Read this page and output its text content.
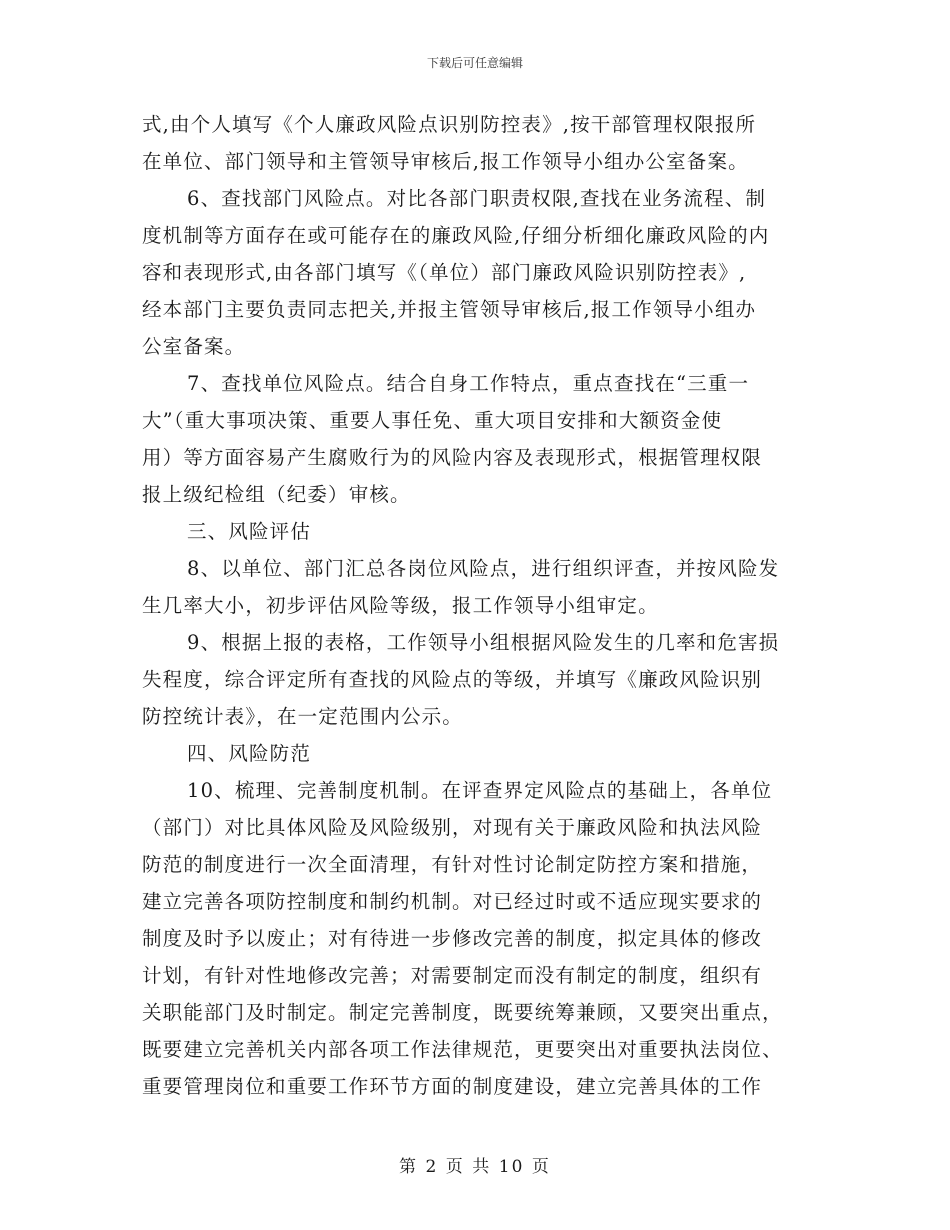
下载后可任意编辑
式,由个人填写《个人廉政风险点识别防控表》,按干部管理权限报所
在单位、部门领导和主管领导审核后,报工作领导小组办公室备案。
6、查找部门风险点。对比各部门职责权限,查找在业务流程、制
度机制等方面存在或可能存在的廉政风险,仔细分析细化廉政风险的内
容和表现形式,由各部门填写《（单位）部门廉政风险识别防控表》,
经本部门主要负责同志把关,并报主管领导审核后,报工作领导小组办
公室备案。
7、查找单位风险点。结合自身工作特点，重点查找在“三重一
大”（重大事项决策、重要人事任免、重大项目安排和大额资金使
用）等方面容易产生腐败行为的风险内容及表现形式，根据管理权限
报上级纪检组（纪委）审核。
三、风险评估
8、以单位、部门汇总各岗位风险点，进行组织评查，并按风险发
生几率大小，初步评估风险等级，报工作领导小组审定。
9、根据上报的表格，工作领导小组根据风险发生的几率和危害损
失程度，综合评定所有查找的风险点的等级，并填写《廉政风险识别
防控统计表》，在一定范围内公示。
四、风险防范
10、梳理、完善制度机制。在评查界定风险点的基础上，各单位
（部门）对比具体风险及风险级别，对现有关于廉政风险和执法风险
防范的制度进行一次全面清理，有针对性讨论制定防控方案和措施，
建立完善各项防控制度和制约机制。对已经过时或不适应现实要求的
制度及时予以废止；对有待进一步修改完善的制度，拟定具体的修改
计划，有针对性地修改完善；对需要制定而没有制定的制度，组织有
关职能部门及时制定。制定完善制度，既要统筹兼顾，又要突出重点，
既要建立完善机关内部各项工作法律规范，更要突出对重要执法岗位、
重要管理岗位和重要工作环节方面的制度建设，建立完善具体的工作
第 2 页 共 10 页
